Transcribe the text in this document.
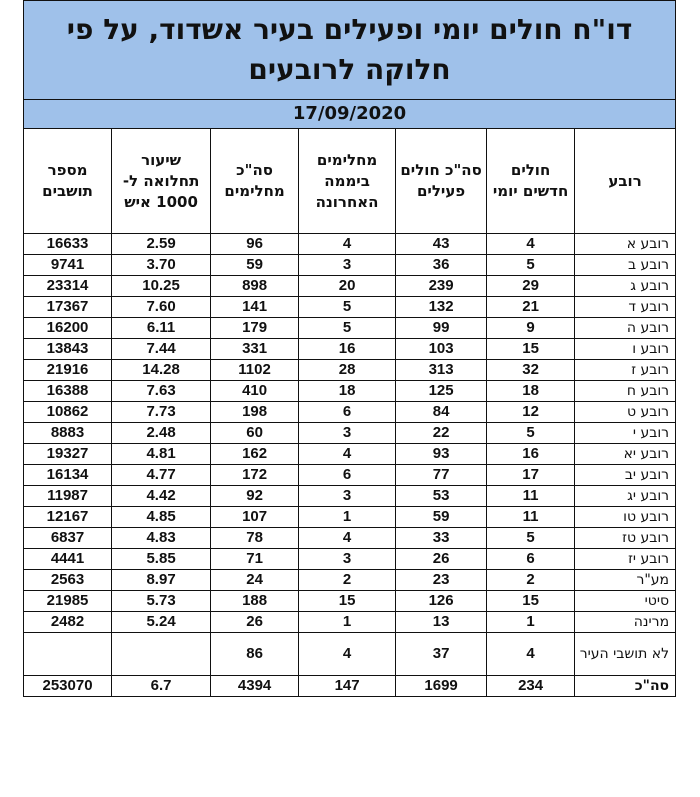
דו"ח חולים יומי ופעילים בעיר אשדוד, על פי חלוקה לרובעים						
17/09/2020						
רובע	חולים חדשים יומי	סה"כ חולים פעילים	מחלימים ביממה האחרונה	סה"כ מחלימים	שיעור תחלואה ל- 1000 איש	מספר תושבים
רובע א	4	43	4	96	2.59	16633
רובע ב	5	36	3	59	3.70	9741
רובע ג	29	239	20	898	10.25	23314
רובע ד	21	132	5	141	7.60	17367
רובע ה	9	99	5	179	6.11	16200
רובע ו	15	103	16	331	7.44	13843
רובע ז	32	313	28	1102	14.28	21916
רובע ח	18	125	18	410	7.63	16388
רובע ט	12	84	6	198	7.73	10862
רובע י	5	22	3	60	2.48	8883
רובע יא	16	93	4	162	4.81	19327
רובע יב	17	77	6	172	4.77	16134
רובע יג	11	53	3	92	4.42	11987
רובע טו	11	59	1	107	4.85	12167
רובע טז	5	33	4	78	4.83	6837
רובע יז	6	26	3	71	5.85	4441
מע"ר	2	23	2	24	8.97	2563
סיטי	15	126	15	188	5.73	21985
מרינה	1	13	1	26	5.24	2482
לא תושבי העיר	4	37	4	86		
סה"כ	234	1699	147	4394	6.7	253070
